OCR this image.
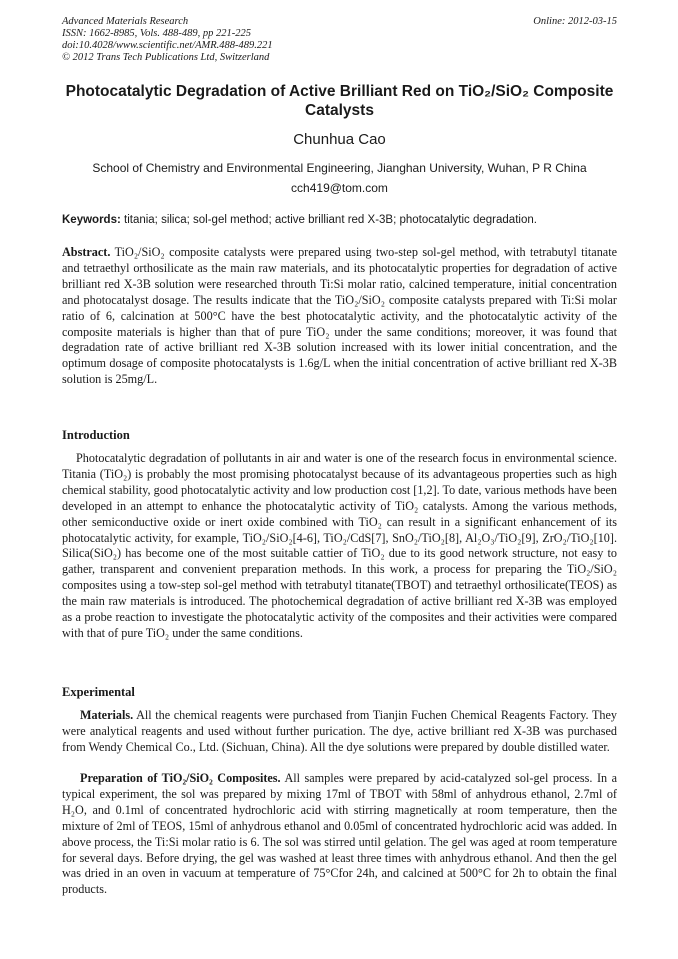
Advanced Materials Research
ISSN: 1662-8985, Vols. 488-489, pp 221-225
doi:10.4028/www.scientific.net/AMR.488-489.221
© 2012 Trans Tech Publications Ltd, Switzerland
Online: 2012-03-15
Photocatalytic Degradation of Active Brilliant Red on TiO₂/SiO₂ Composite Catalysts
Chunhua Cao
School of Chemistry and Environmental Engineering, Jianghan University, Wuhan, P R China
cch419@tom.com
Keywords: titania; silica; sol-gel method; active brilliant red X-3B; photocatalytic degradation.
Abstract. TiO₂/SiO₂ composite catalysts were prepared using two-step sol-gel method, with tetrabutyl titanate and tetraethyl orthosilicate as the main raw materials, and its photocatalytic properties for degradation of active brilliant red X-3B solution were researched throuth Ti:Si molar ratio, calcined temperature, initial concentration and photocatalyst dosage. The results indicate that the TiO₂/SiO₂ composite catalysts prepared with Ti:Si molar ratio of 6, calcination at 500°C have the best photocatalytic activity, and the photocatalytic activity of the composite materials is higher than that of pure TiO₂ under the same conditions; moreover, it was found that degradation rate of active brilliant red X-3B solution increased with its lower initial concentration, and the optimum dosage of composite photocatalysts is 1.6g/L when the initial concentration of active brilliant red X-3B solution is 25mg/L.
Introduction
Photocatalytic degradation of pollutants in air and water is one of the research focus in environmental science. Titania (TiO₂) is probably the most promising photocatalyst because of its advantageous properties such as high chemical stability, good photocatalytic activity and low production cost [1,2]. To date, various methods have been developed in an attempt to enhance the photocatalytic activity of TiO₂ catalysts. Among the various methods, other semiconductive oxide or inert oxide combined with TiO₂ can result in a significant enhancement of its photocatalytic activity, for example, TiO₂/SiO₂[4-6], TiO₂/CdS[7], SnO₂/TiO₂[8], Al₂O₃/TiO₂[9], ZrO₂/TiO₂[10]. Silica(SiO₂) has become one of the most suitable cattier of TiO₂ due to its good network structure, not easy to gather, transparent and convenient preparation methods. In this work, a process for preparing the TiO₂/SiO₂ composites using a tow-step sol-gel method with tetrabutyl titanate(TBOT) and tetraethyl orthosilicate(TEOS) as the main raw materials is introduced. The photochemical degradation of active brilliant red X-3B was employed as a probe reaction to investigate the photocatalytic activity of the composites and their activities were compared with that of pure TiO₂ under the same conditions.
Experimental
Materials. All the chemical reagents were purchased from Tianjin Fuchen Chemical Reagents Factory. They were analytical reagents and used without further purication. The dye, active brilliant red X-3B was purchased from Wendy Chemical Co., Ltd. (Sichuan, China). All the dye solutions were prepared by double distilled water.
Preparation of TiO₂/SiO₂ Composites. All samples were prepared by acid-catalyzed sol-gel process. In a typical experiment, the sol was prepared by mixing 17ml of TBOT with 58ml of anhydrous ethanol, 2.7ml of H₂O, and 0.1ml of concentrated hydrochloric acid with stirring magnetically at room temperature, then the mixture of 2ml of TEOS, 15ml of anhydrous ethanol and 0.05ml of concentrated hydrochloric acid was added. In above process, the Ti:Si molar ratio is 6. The sol was stirred until gelation. The gel was aged at room temperature for several days. Before drying, the gel was washed at least three times with anhydrous ethanol. And then the gel was dried in an oven in vacuum at temperature of 75°Cfor 24h, and calcined at 500°C for 2h to obtain the final products.
